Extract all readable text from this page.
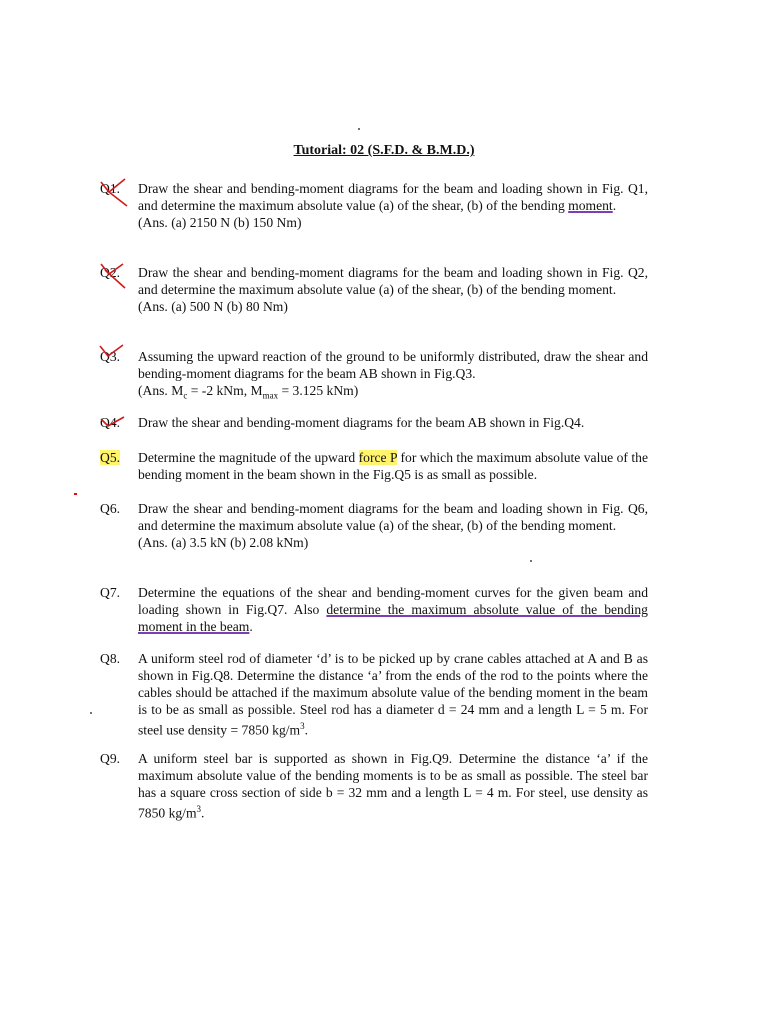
Tutorial: 02 (S.F.D. & B.M.D.)
Q1.	Draw the shear and bending-moment diagrams for the beam and loading shown in Fig. Q1, and determine the maximum absolute value (a) of the shear, (b) of the bending moment.

(Ans. (a) 2150 N (b) 150 Nm)

Q2.	Draw the shear and bending-moment diagrams for the beam and loading shown in Fig. Q2, and determine the maximum absolute value (a) of the shear, (b) of the bending moment.

(Ans. (a) 500 N (b) 80 Nm)

Q3.	Assuming the upward reaction of the ground to be uniformly distributed, draw the shear and bending-moment diagrams for the beam AB shown in Fig.Q3.

(Ans. $M_c = -2$ kNm, $M_{max} = 3.125$ kNm)

Q4.	Draw the shear and bending-moment diagrams for the beam AB shown in Fig.Q4.

Q5.	Determine the magnitude of the upward force P for which the maximum absolute value of the bending moment in the beam shown in the Fig.Q5 is as small as possible.

Q6.	Draw the shear and bending-moment diagrams for the beam and loading shown in Fig. Q6, and determine the maximum absolute value (a) of the shear, (b) of the bending moment.

(Ans. (a) 3.5 kN (b) 2.08 kNm)

Q7.	Determine the equations of the shear and bending-moment curves for the given beam and loading shown in Fig.Q7. Also determine the maximum absolute value of the bending moment in the beam.

Q8.	A uniform steel rod of diameter ‘d’ is to be picked up by crane cables attached at A and B as shown in Fig.Q8. Determine the distance ‘a’ from the ends of the rod to the points where the cables should be attached if the maximum absolute value of the bending moment in the beam is to be as small as possible. Steel rod has a diameter d = 24 mm and a length L = 5 m. For steel use density = 7850 $kg/m^3$.

Q9.	A uniform steel bar is supported as shown in Fig.Q9. Determine the distance ‘a’ if the maximum absolute value of the bending moments is to be as small as possible. The steel bar has a square cross section of side b = 32 mm and a length L = 4 m. For steel, use density as 7850 $kg/m^3$.
